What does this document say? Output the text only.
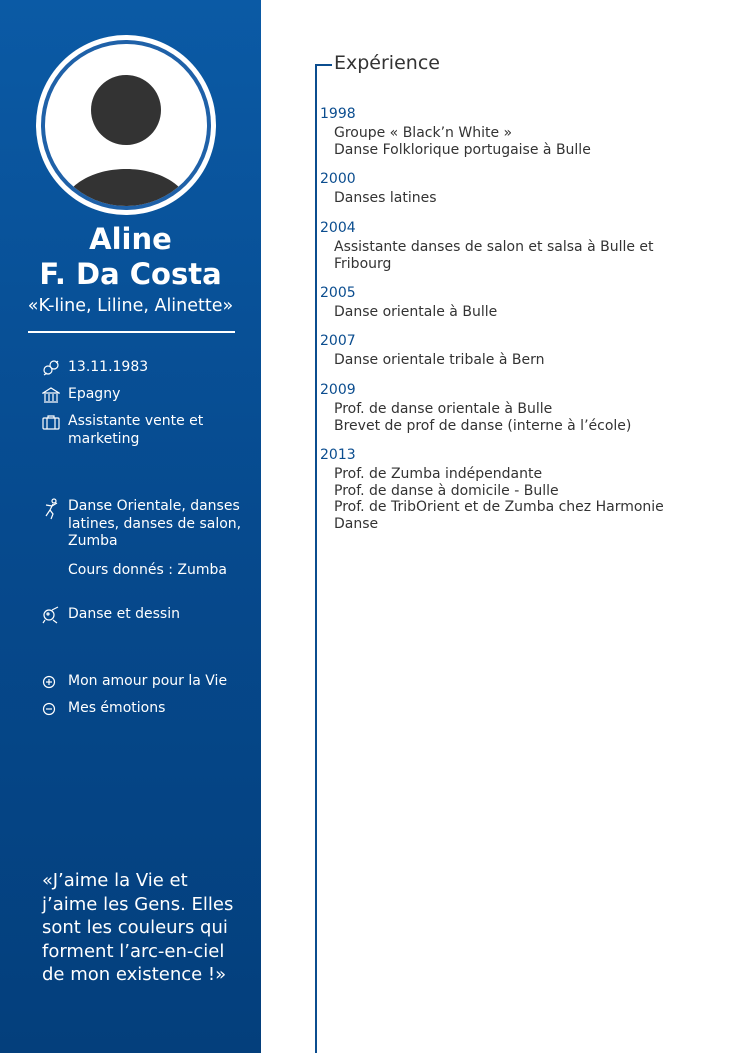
Aline
F. Da Costa
«K-line, Liline, Alinette»
13.11.1983
Epagny
Assistante vente et marketing
Danse Orientale, danses latines, danses de salon, Zumba
Cours donnés : Zumba
Danse et dessin
Mon amour pour la Vie
Mes émotions
«J’aime la Vie et j’aime les Gens. Elles sont les couleurs qui forment l’arc-en-ciel de mon existence !»
Expérience
1998
Groupe « Black’n White »
Danse Folklorique portugaise à Bulle
2000
Danses latines
2004
Assistante danses de salon et salsa à Bulle et
Fribourg
2005
Danse orientale à Bulle
2007
Danse orientale tribale à Bern
2009
Prof. de danse orientale à Bulle
Brevet de prof de danse (interne à l’école)
2013
Prof. de Zumba indépendante
Prof. de danse à domicile - Bulle
Prof. de TribOrient et de Zumba chez Harmonie
Danse
